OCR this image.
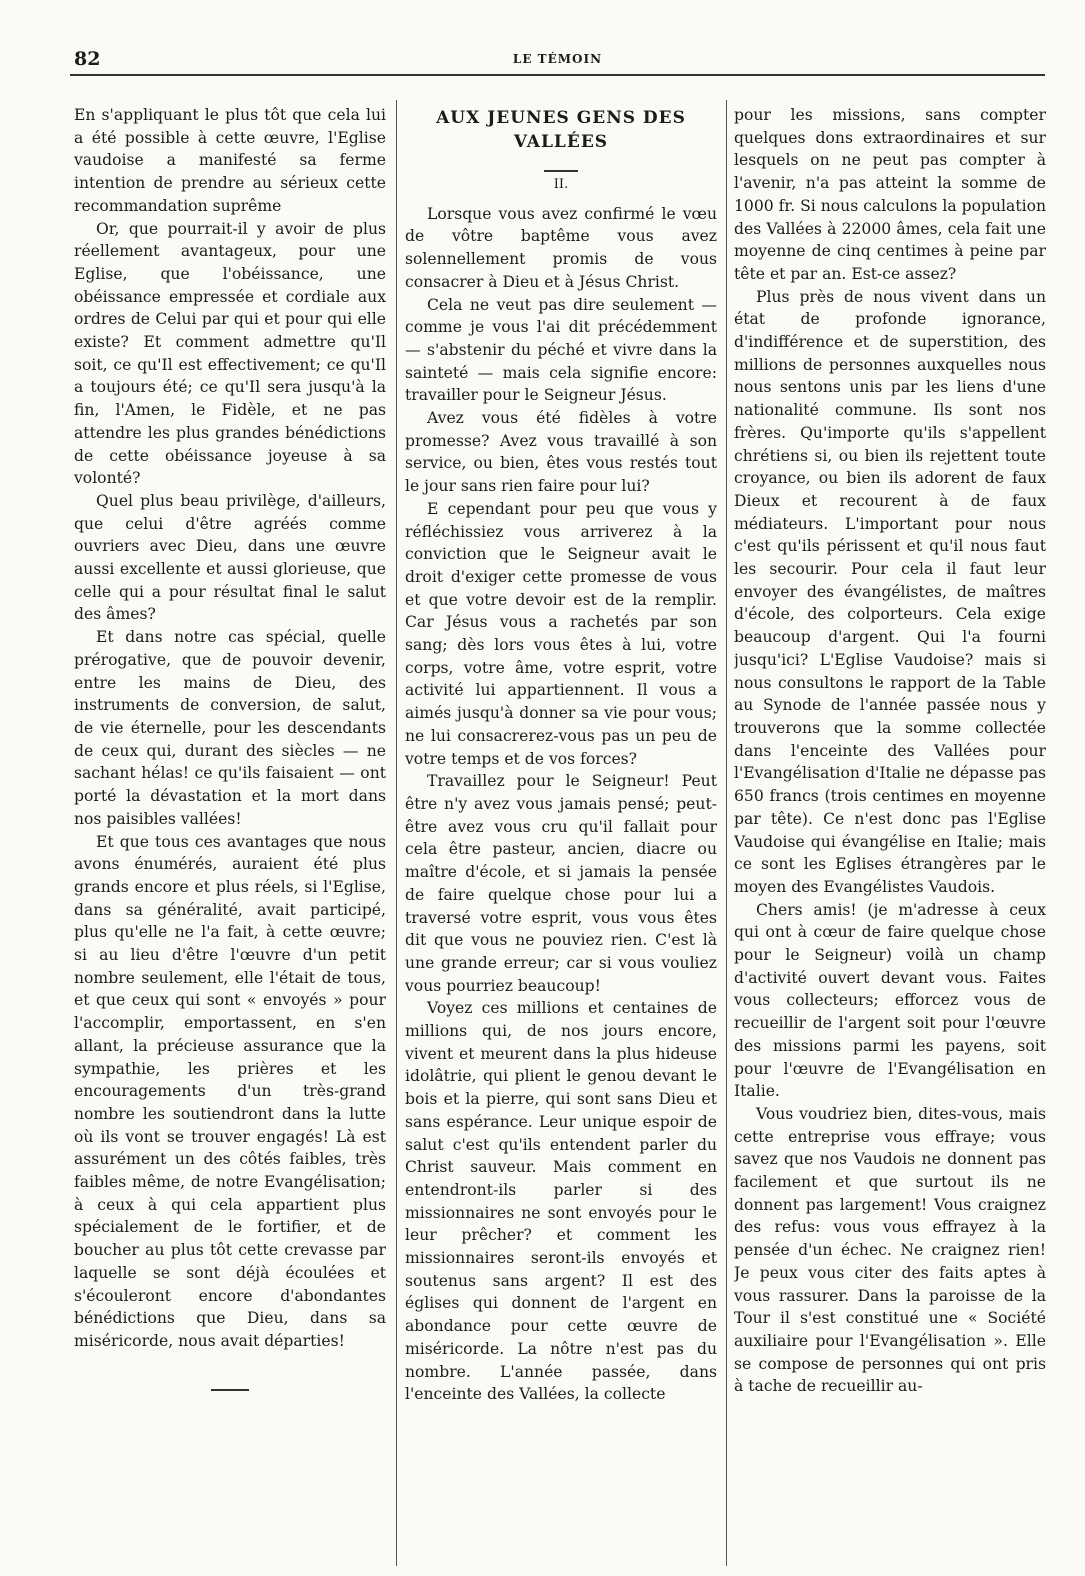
82	LE TÉMOIN

En s'appliquant le plus tôt que cela lui a été possible à cette œuvre, l'Eglise vaudoise a manifesté sa ferme intention de prendre au sérieux cette recommandation suprême

Or, que pourrait-il y avoir de plus réellement avantageux, pour une Eglise, que l'obéissance, une obéissance empressée et cordiale aux ordres de Celui par qui et pour qui elle existe? Et comment admettre qu'Il soit, ce qu'Il est effectivement; ce qu'Il a toujours été; ce qu'Il sera jusqu'à la fin, l'Amen, le Fidèle, et ne pas attendre les plus grandes bénédictions de cette obéissance joyeuse à sa volonté?

Quel plus beau privilège, d'ailleurs, que celui d'être agréés comme ouvriers avec Dieu, dans une œuvre aussi excellente et aussi glorieuse, que celle qui a pour résultat final le salut des âmes?

Et dans notre cas spécial, quelle prérogative, que de pouvoir devenir, entre les mains de Dieu, des instruments de conversion, de salut, de vie éternelle, pour les descendants de ceux qui, durant des siècles — ne sachant hélas! ce qu'ils faisaient — ont porté la dévastation et la mort dans nos paisibles vallées!

Et que tous ces avantages que nous avons énumérés, auraient été plus grands encore et plus réels, si l'Eglise, dans sa généralité, avait participé, plus qu'elle ne l'a fait, à cette œuvre; si au lieu d'être l'œuvre d'un petit nombre seulement, elle l'était de tous, et que ceux qui sont « envoyés » pour l'accomplir, emportassent, en s'en allant, la précieuse assurance que la sympathie, les prières et les encouragements d'un très-grand nombre les soutiendront dans la lutte où ils vont se trouver engagés! Là est assurément un des côtés faibles, très faibles même, de notre Evangélisation; à ceux à qui cela appartient plus spécialement de le fortifier, et de boucher au plus tôt cette crevasse par laquelle se sont déjà écoulées et s'écouleront encore d'abondantes bénédictions que Dieu, dans sa miséricorde, nous avait départies!

AUX JEUNES GENS DES VALLÉES
II.

Lorsque vous avez confirmé le vœu de vôtre baptême vous avez solennellement promis de vous consacrer à Dieu et à Jésus Christ.

Cela ne veut pas dire seulement — comme je vous l'ai dit précédemment — s'abstenir du péché et vivre dans la sainteté — mais cela signifie encore: travailler pour le Seigneur Jésus.

Avez vous été fidèles à votre promesse? Avez vous travaillé à son service, ou bien, êtes vous restés tout le jour sans rien faire pour lui?

E cependant pour peu que vous y réfléchissiez vous arriverez à la conviction que le Seigneur avait le droit d'exiger cette promesse de vous et que votre devoir est de la remplir. Car Jésus vous a rachetés par son sang; dès lors vous êtes à lui, votre corps, votre âme, votre esprit, votre activité lui appartiennent. Il vous a aimés jusqu'à donner sa vie pour vous; ne lui consacrerez-vous pas un peu de votre temps et de vos forces?

Travaillez pour le Seigneur! Peut être n'y avez vous jamais pensé; peut-être avez vous cru qu'il fallait pour cela être pasteur, ancien, diacre ou maître d'école, et si jamais la pensée de faire quelque chose pour lui a traversé votre esprit, vous vous êtes dit que vous ne pouviez rien. C'est là une grande erreur; car si vous vouliez vous pourriez beaucoup!

Voyez ces millions et centaines de millions qui, de nos jours encore, vivent et meurent dans la plus hideuse idolâtrie, qui plient le genou devant le bois et la pierre, qui sont sans Dieu et sans espérance. Leur unique espoir de salut c'est qu'ils entendent parler du Christ sauveur. Mais comment en entendront-ils parler si des missionnaires ne sont envoyés pour le leur prêcher? et comment les missionnaires seront-ils envoyés et soutenus sans argent? Il est des églises qui donnent de l'argent en abondance pour cette œuvre de miséricorde. La nôtre n'est pas du nombre. L'année passée, dans l'enceinte des Vallées, la collecte

pour les missions, sans compter quelques dons extraordinaires et sur lesquels on ne peut pas compter à l'avenir, n'a pas atteint la somme de 1000 fr. Si nous calculons la population des Vallées à 22000 âmes, cela fait une moyenne de cinq centimes à peine par tête et par an. Est-ce assez?

Plus près de nous vivent dans un état de profonde ignorance, d'indifférence et de superstition, des millions de personnes auxquelles nous nous sentons unis par les liens d'une nationalité commune. Ils sont nos frères. Qu'importe qu'ils s'appellent chrétiens si, ou bien ils rejettent toute croyance, ou bien ils adorent de faux Dieux et recourent à de faux médiateurs. L'important pour nous c'est qu'ils périssent et qu'il nous faut les secourir. Pour cela il faut leur envoyer des évangélistes, de maîtres d'école, des colporteurs. Cela exige beaucoup d'argent. Qui l'a fourni jusqu'ici? L'Eglise Vaudoise? mais si nous consultons le rapport de la Table au Synode de l'année passée nous y trouverons que la somme collectée dans l'enceinte des Vallées pour l'Evangélisation d'Italie ne dépasse pas 650 francs (trois centimes en moyenne par tête). Ce n'est donc pas l'Eglise Vaudoise qui évangélise en Italie; mais ce sont les Eglises étrangères par le moyen des Evangélistes Vaudois.

Chers amis! (je m'adresse à ceux qui ont à cœur de faire quelque chose pour le Seigneur) voilà un champ d'activité ouvert devant vous. Faites vous collecteurs; efforcez vous de recueillir de l'argent soit pour l'œuvre des missions parmi les payens, soit pour l'œuvre de l'Evangélisation en Italie.

Vous voudriez bien, dites-vous, mais cette entreprise vous effraye; vous savez que nos Vaudois ne donnent pas facilement et que surtout ils ne donnent pas largement! Vous craignez des refus: vous vous effrayez à la pensée d'un échec. Ne craignez rien! Je peux vous citer des faits aptes à vous rassurer. Dans la paroisse de la Tour il s'est constitué une « Société auxiliaire pour l'Evangélisation ». Elle se compose de personnes qui ont pris à tache de recueillir au-
